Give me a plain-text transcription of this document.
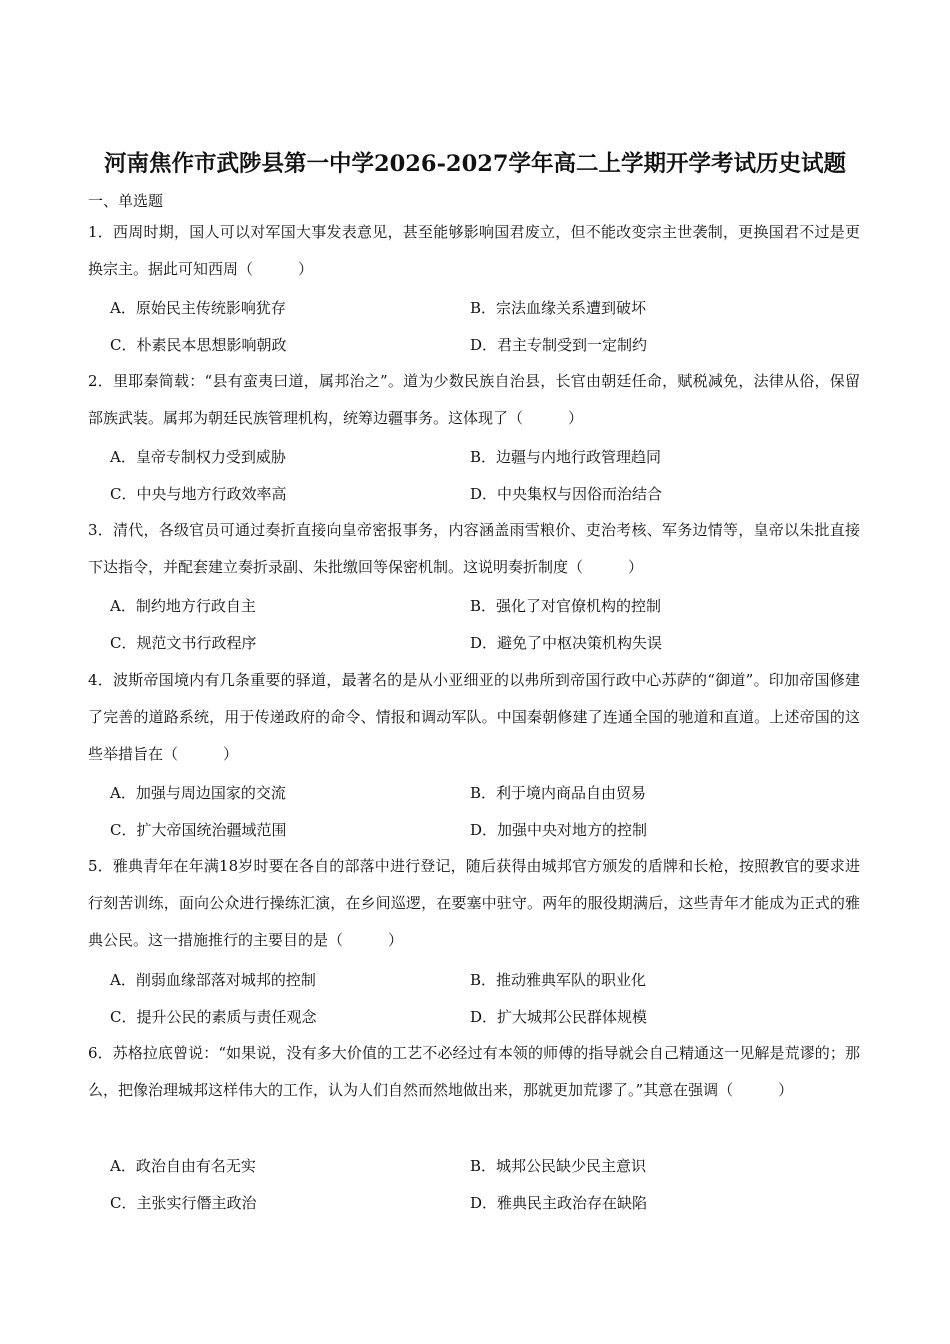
河南焦作市武陟县第一中学2026-2027学年高二上学期开学考试历史试题
一、单选题
1．西周时期，国人可以对军国大事发表意见，甚至能够影响国君废立，但不能改变宗主世袭制，更换国君不过是更换宗主。据此可知西周（　　　）
A．原始民主传统影响犹存	B．宗法血缘关系遭到破坏
C．朴素民本思想影响朝政	D．君主专制受到一定制约
2．里耶秦简载：“县有蛮夷曰道，属邦治之”。道为少数民族自治县，长官由朝廷任命，赋税减免，法律从俗，保留部族武装。属邦为朝廷民族管理机构，统筹边疆事务。这体现了（　　　）
A．皇帝专制权力受到威胁	B．边疆与内地行政管理趋同
C．中央与地方行政效率高	D．中央集权与因俗而治结合
3．清代，各级官员可通过奏折直接向皇帝密报事务，内容涵盖雨雪粮价、吏治考核、军务边情等，皇帝以朱批直接下达指令，并配套建立奏折录副、朱批缴回等保密机制。这说明奏折制度（　　　）
A．制约地方行政自主	B．强化了对官僚机构的控制
C．规范文书行政程序	D．避免了中枢决策机构失误
4．波斯帝国境内有几条重要的驿道，最著名的是从小亚细亚的以弗所到帝国行政中心苏萨的“御道”。印加帝国修建了完善的道路系统，用于传递政府的命令、情报和调动军队。中国秦朝修建了连通全国的驰道和直道。上述帝国的这些举措旨在（　　　）
A．加强与周边国家的交流	B．利于境内商品自由贸易
C．扩大帝国统治疆域范围	D．加强中央对地方的控制
5．雅典青年在年满18岁时要在各自的部落中进行登记，随后获得由城邦官方颁发的盾牌和长枪，按照教官的要求进行刻苦训练，面向公众进行操练汇演，在乡间巡逻，在要塞中驻守。两年的服役期满后，这些青年才能成为正式的雅典公民。这一措施推行的主要目的是（　　　）
A．削弱血缘部落对城邦的控制	B．推动雅典军队的职业化
C．提升公民的素质与责任观念	D．扩大城邦公民群体规模
6．苏格拉底曾说：“如果说，没有多大价值的工艺不必经过有本领的师傅的指导就会自己精通这一见解是荒谬的；那么，把像治理城邦这样伟大的工作，认为人们自然而然地做出来，那就更加荒谬了。”其意在强调（　　　）
A．政治自由有名无实	B．城邦公民缺少民主意识
C．主张实行僭主政治	D．雅典民主政治存在缺陷
